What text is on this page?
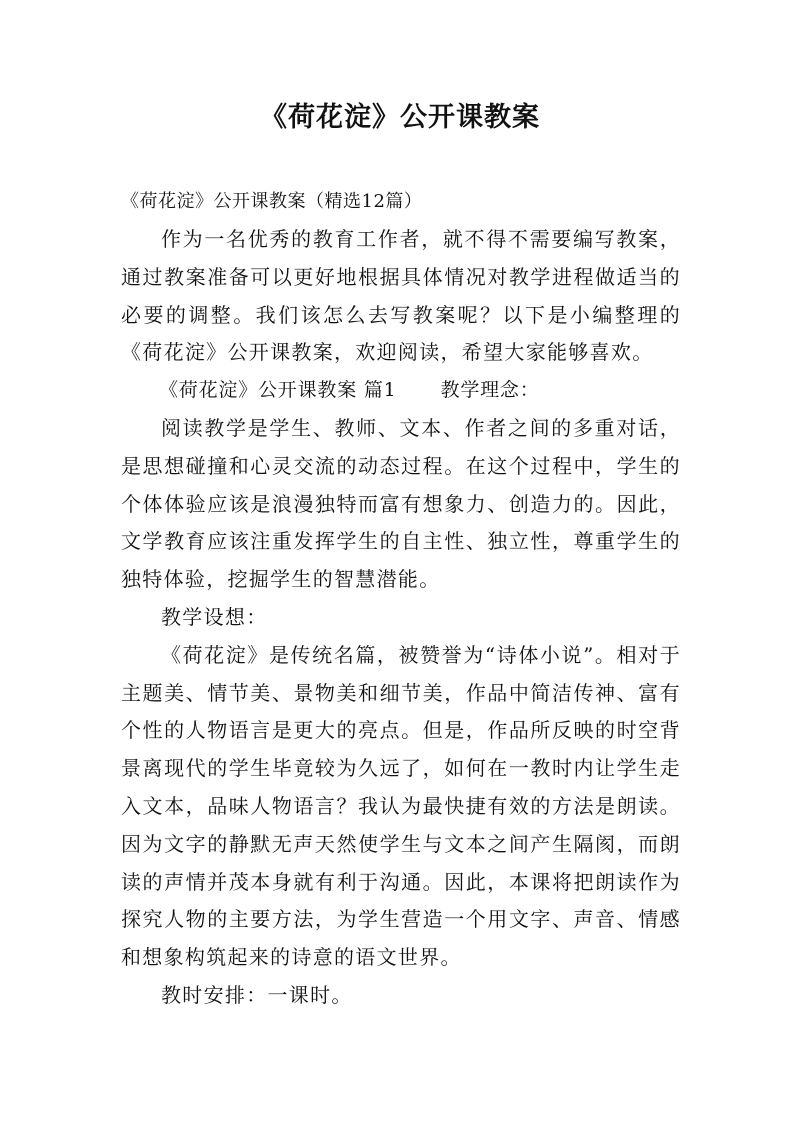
《荷花淀》公开课教案
《荷花淀》公开课教案（精选12篇）

作为一名优秀的教育工作者，就不得不需要编写教案，通过教案准备可以更好地根据具体情况对教学进程做适当的必要的调整。我们该怎么去写教案呢？以下是小编整理的《荷花淀》公开课教案，欢迎阅读，希望大家能够喜欢。

《荷花淀》公开课教案 篇1 教学理念：

阅读教学是学生、教师、文本、作者之间的多重对话，是思想碰撞和心灵交流的动态过程。在这个过程中，学生的个体体验应该是浪漫独特而富有想象力、创造力的。因此，文学教育应该注重发挥学生的自主性、独立性，尊重学生的独特体验，挖掘学生的智慧潜能。

教学设想：

《荷花淀》是传统名篇，被赞誉为“诗体小说”。相对于主题美、情节美、景物美和细节美，作品中简洁传神、富有个性的人物语言是更大的亮点。但是，作品所反映的时空背景离现代的学生毕竟较为久远了，如何在一教时内让学生走入文本，品味人物语言？我认为最快捷有效的方法是朗读。因为文字的静默无声天然使学生与文本之间产生隔阂，而朗读的声情并茂本身就有利于沟通。因此，本课将把朗读作为探究人物的主要方法，为学生营造一个用文字、声音、情感和想象构筑起来的诗意的语文世界。

教时安排：一课时。
